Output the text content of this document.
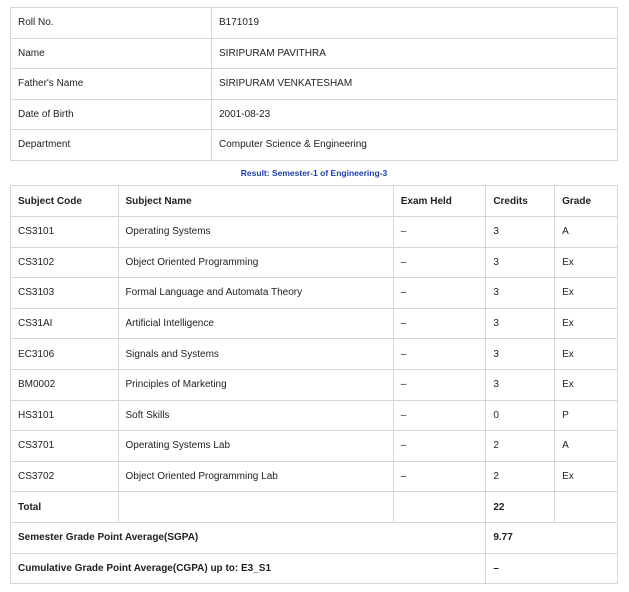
Roll No.	B171019
Name	SIRIPURAM PAVITHRA
Father's Name	SIRIPURAM VENKATESHAM
Date of Birth	2001-08-23
Department	Computer Science & Engineering
Result: Semester-1 of Engineering-3
Subject Code	Subject Name	Exam Held	Credits	Grade
CS3101	Operating Systems	–	3	A
CS3102	Object Oriented Programming	–	3	Ex
CS3103	Formal Language and Automata Theory	–	3	Ex
CS31AI	Artificial Intelligence	–	3	Ex
EC3106	Signals and Systems	–	3	Ex
BM0002	Principles of Marketing	–	3	Ex
HS3101	Soft Skills	–	0	P
CS3701	Operating Systems Lab	–	2	A
CS3702	Object Oriented Programming Lab	–	2	Ex
Total			22	
Semester Grade Point Average(SGPA)			9.77	
Cumulative Grade Point Average(CGPA) up to: E3_S1			–	
